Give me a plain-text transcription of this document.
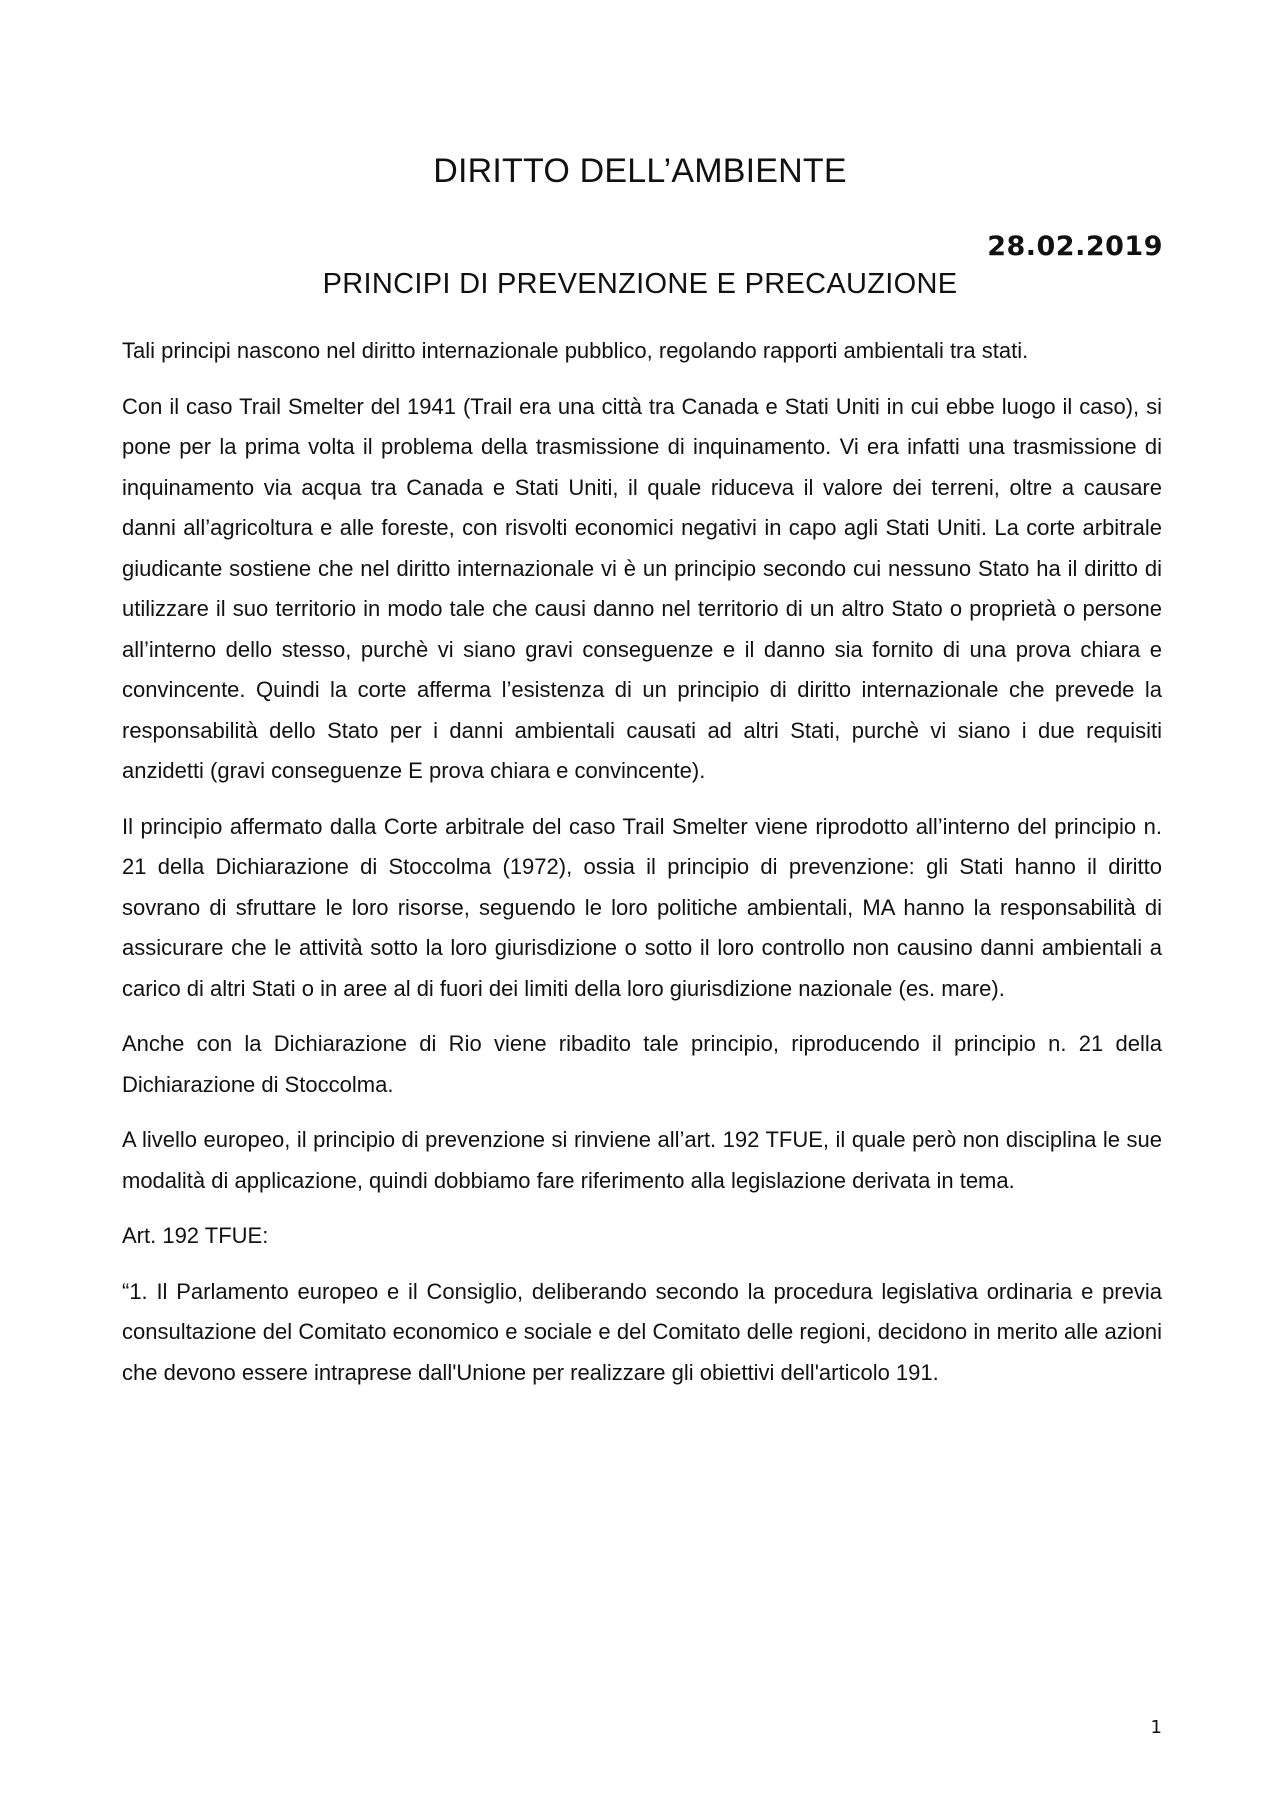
DIRITTO DELL’AMBIENTE
28.02.2019
PRINCIPI DI PREVENZIONE E PRECAUZIONE

Tali principi nascono nel diritto internazionale pubblico, regolando rapporti ambientali tra stati.

Con il caso Trail Smelter del 1941 (Trail era una città tra Canada e Stati Uniti in cui ebbe luogo il caso), si pone per la prima volta il problema della trasmissione di inquinamento. Vi era infatti una trasmissione di inquinamento via acqua tra Canada e Stati Uniti, il quale riduceva il valore dei terreni, oltre a causare danni all’agricoltura e alle foreste, con risvolti economici negativi in capo agli Stati Uniti. La corte arbitrale giudicante sostiene che nel diritto internazionale vi è un principio secondo cui nessuno Stato ha il diritto di utilizzare il suo territorio in modo tale che causi danno nel territorio di un altro Stato o proprietà o persone all’interno dello stesso, purchè vi siano gravi conseguenze e il danno sia fornito di una prova chiara e convincente. Quindi la corte afferma l’esistenza di un principio di diritto internazionale che prevede la responsabilità dello Stato per i danni ambientali causati ad altri Stati, purchè vi siano i due requisiti anzidetti (gravi conseguenze E prova chiara e convincente).

Il principio affermato dalla Corte arbitrale del caso Trail Smelter viene riprodotto all’interno del principio n. 21 della Dichiarazione di Stoccolma (1972), ossia il principio di prevenzione: gli Stati hanno il diritto sovrano di sfruttare le loro risorse, seguendo le loro politiche ambientali, MA hanno la responsabilità di assicurare che le attività sotto la loro giurisdizione o sotto il loro controllo non causino danni ambientali a carico di altri Stati o in aree al di fuori dei limiti della loro giurisdizione nazionale (es. mare).

Anche con la Dichiarazione di Rio viene ribadito tale principio, riproducendo il principio n. 21 della Dichiarazione di Stoccolma.

A livello europeo, il principio di prevenzione si rinviene all’art. 192 TFUE, il quale però non disciplina le sue modalità di applicazione, quindi dobbiamo fare riferimento alla legislazione derivata in tema.

Art. 192 TFUE:

“1. Il Parlamento europeo e il Consiglio, deliberando secondo la procedura legislativa ordinaria e previa consultazione del Comitato economico e sociale e del Comitato delle regioni, decidono in merito alle azioni che devono essere intraprese dall'Unione per realizzare gli obiettivi dell'articolo 191.

1
